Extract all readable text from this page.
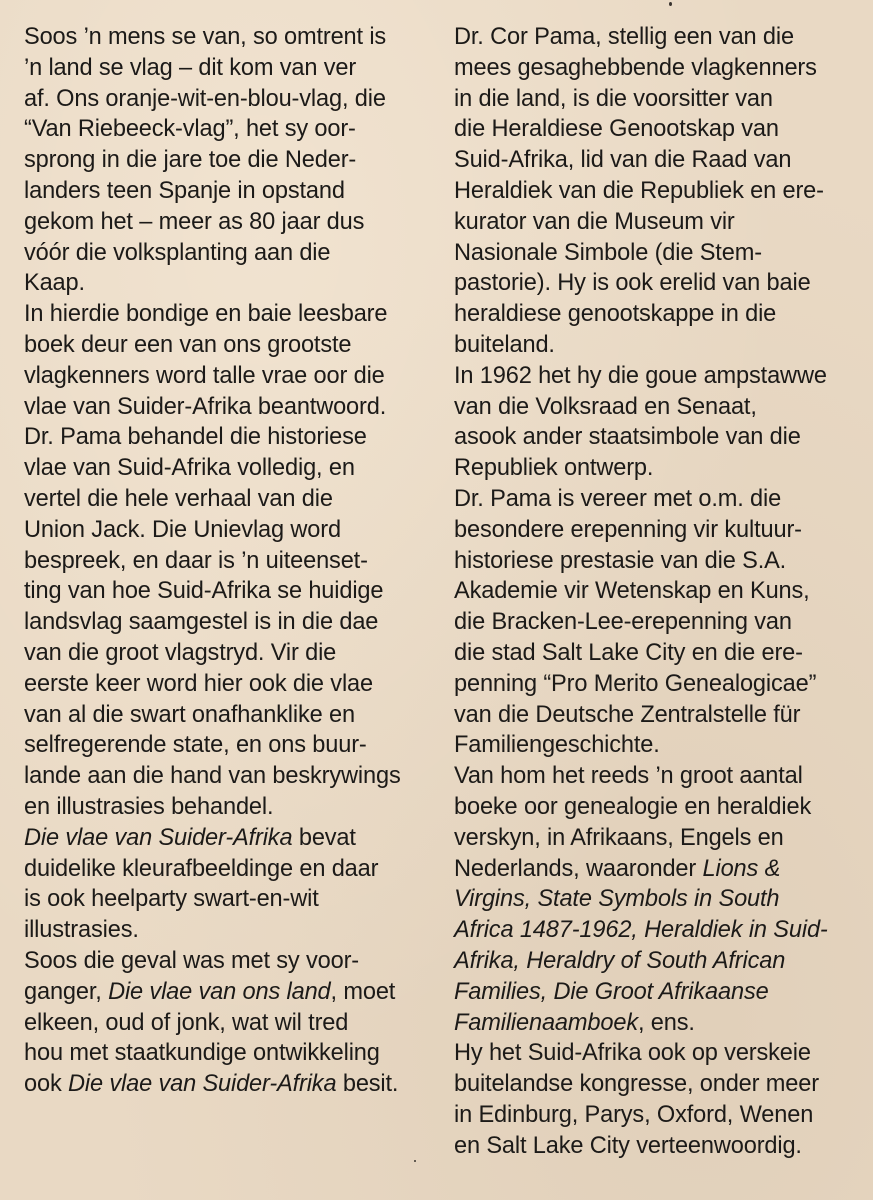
Soos ’n mens se van, so omtrent is
’n land se vlag – dit kom van ver
af. Ons oranje-wit-en-blou-vlag, die
“Van Riebeeck-vlag”, het sy oor-
sprong in die jare toe die Neder-
landers teen Spanje in opstand
gekom het – meer as 80 jaar dus
vóór die volksplanting aan die
Kaap.
In hierdie bondige en baie leesbare
boek deur een van ons grootste
vlagkenners word talle vrae oor die
vlae van Suider-Afrika beantwoord.
Dr. Pama behandel die historiese
vlae van Suid-Afrika volledig, en
vertel die hele verhaal van die
Union Jack. Die Unievlag word
bespreek, en daar is ’n uiteenset-
ting van hoe Suid-Afrika se huidige
landsvlag saamgestel is in die dae
van die groot vlagstryd. Vir die
eerste keer word hier ook die vlae
van al die swart onafhanklike en
selfregerende state, en ons buur-
lande aan die hand van beskrywings
en illustrasies behandel.
Die vlae van Suider-Afrika bevat
duidelike kleurafbeeldinge en daar
is ook heelparty swart-en-wit
illustrasies.
Soos die geval was met sy voor-
ganger, Die vlae van ons land, moet
elkeen, oud of jonk, wat wil tred
hou met staatkundige ontwikkeling
ook Die vlae van Suider-Afrika besit.
Dr. Cor Pama, stellig een van die
mees gesaghebbende vlagkenners
in die land, is die voorsitter van
die Heraldiese Genootskap van
Suid-Afrika, lid van die Raad van
Heraldiek van die Republiek en ere-
kurator van die Museum vir
Nasionale Simbole (die Stem-
pastorie). Hy is ook erelid van baie
heraldiese genootskappe in die
buiteland.
In 1962 het hy die goue ampstawwe
van die Volksraad en Senaat,
asook ander staatsimbole van die
Republiek ontwerp.
Dr. Pama is vereer met o.m. die
besondere erepenning vir kultuur-
historiese prestasie van die S.A.
Akademie vir Wetenskap en Kuns,
die Bracken-Lee-erepenning van
die stad Salt Lake City en die ere-
penning “Pro Merito Genealogicae”
van die Deutsche Zentralstelle für
Familiengeschichte.
Van hom het reeds ’n groot aantal
boeke oor genealogie en heraldiek
verskyn, in Afrikaans, Engels en
Nederlands, waaronder Lions &
Virgins, State Symbols in South
Africa 1487-1962, Heraldiek in Suid-
Afrika, Heraldry of South African
Families, Die Groot Afrikaanse
Familienaamboek, ens.
Hy het Suid-Afrika ook op verskeie
buitelandse kongresse, onder meer
in Edinburg, Parys, Oxford, Wenen
en Salt Lake City verteenwoordig.
